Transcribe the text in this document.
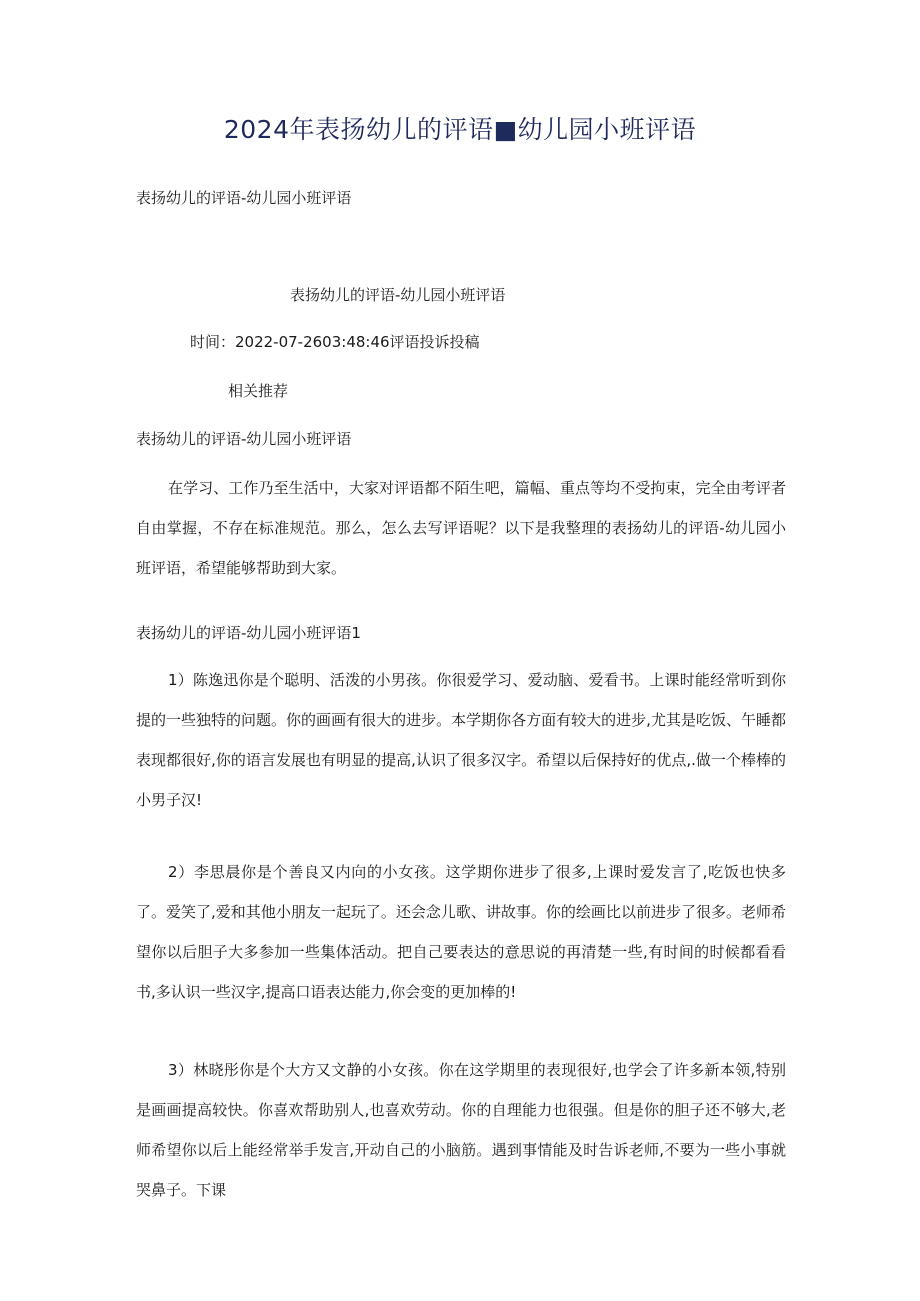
2024年表扬幼儿的评语■幼儿园小班评语
表扬幼儿的评语-幼儿园小班评语
表扬幼儿的评语-幼儿园小班评语
时间：2022-07-2603:48:46评语投诉投稿
相关推荐
表扬幼儿的评语-幼儿园小班评语
在学习、工作乃至生活中，大家对评语都不陌生吧，篇幅、重点等均不受拘束，完全由考评者自由掌握，不存在标准规范。那么，怎么去写评语呢？以下是我整理的表扬幼儿的评语-幼儿园小班评语，希望能够帮助到大家。
表扬幼儿的评语-幼儿园小班评语1
1）陈逸迅你是个聪明、活泼的小男孩。你很爱学习、爱动脑、爱看书。上课时能经常听到你提的一些独特的问题。你的画画有很大的进步。本学期你各方面有较大的进步,尤其是吃饭、午睡都表现都很好,你的语言发展也有明显的提高,认识了很多汉字。希望以后保持好的优点,.做一个棒棒的小男子汉!
2）李思晨你是个善良又内向的小女孩。这学期你进步了很多,上课时爱发言了,吃饭也快多了。爱笑了,爱和其他小朋友一起玩了。还会念儿歌、讲故事。你的绘画比以前进步了很多。老师希望你以后胆子大多参加一些集体活动。把自己要表达的意思说的再清楚一些,有时间的时候都看看书,多认识一些汉字,提高口语表达能力,你会变的更加棒的!
3）林晓彤你是个大方又文静的小女孩。你在这学期里的表现很好,也学会了许多新本领,特别是画画提高较快。你喜欢帮助别人,也喜欢劳动。你的自理能力也很强。但是你的胆子还不够大,老师希望你以后上能经常举手发言,开动自己的小脑筋。遇到事情能及时告诉老师,不要为一些小事就哭鼻子。下课
